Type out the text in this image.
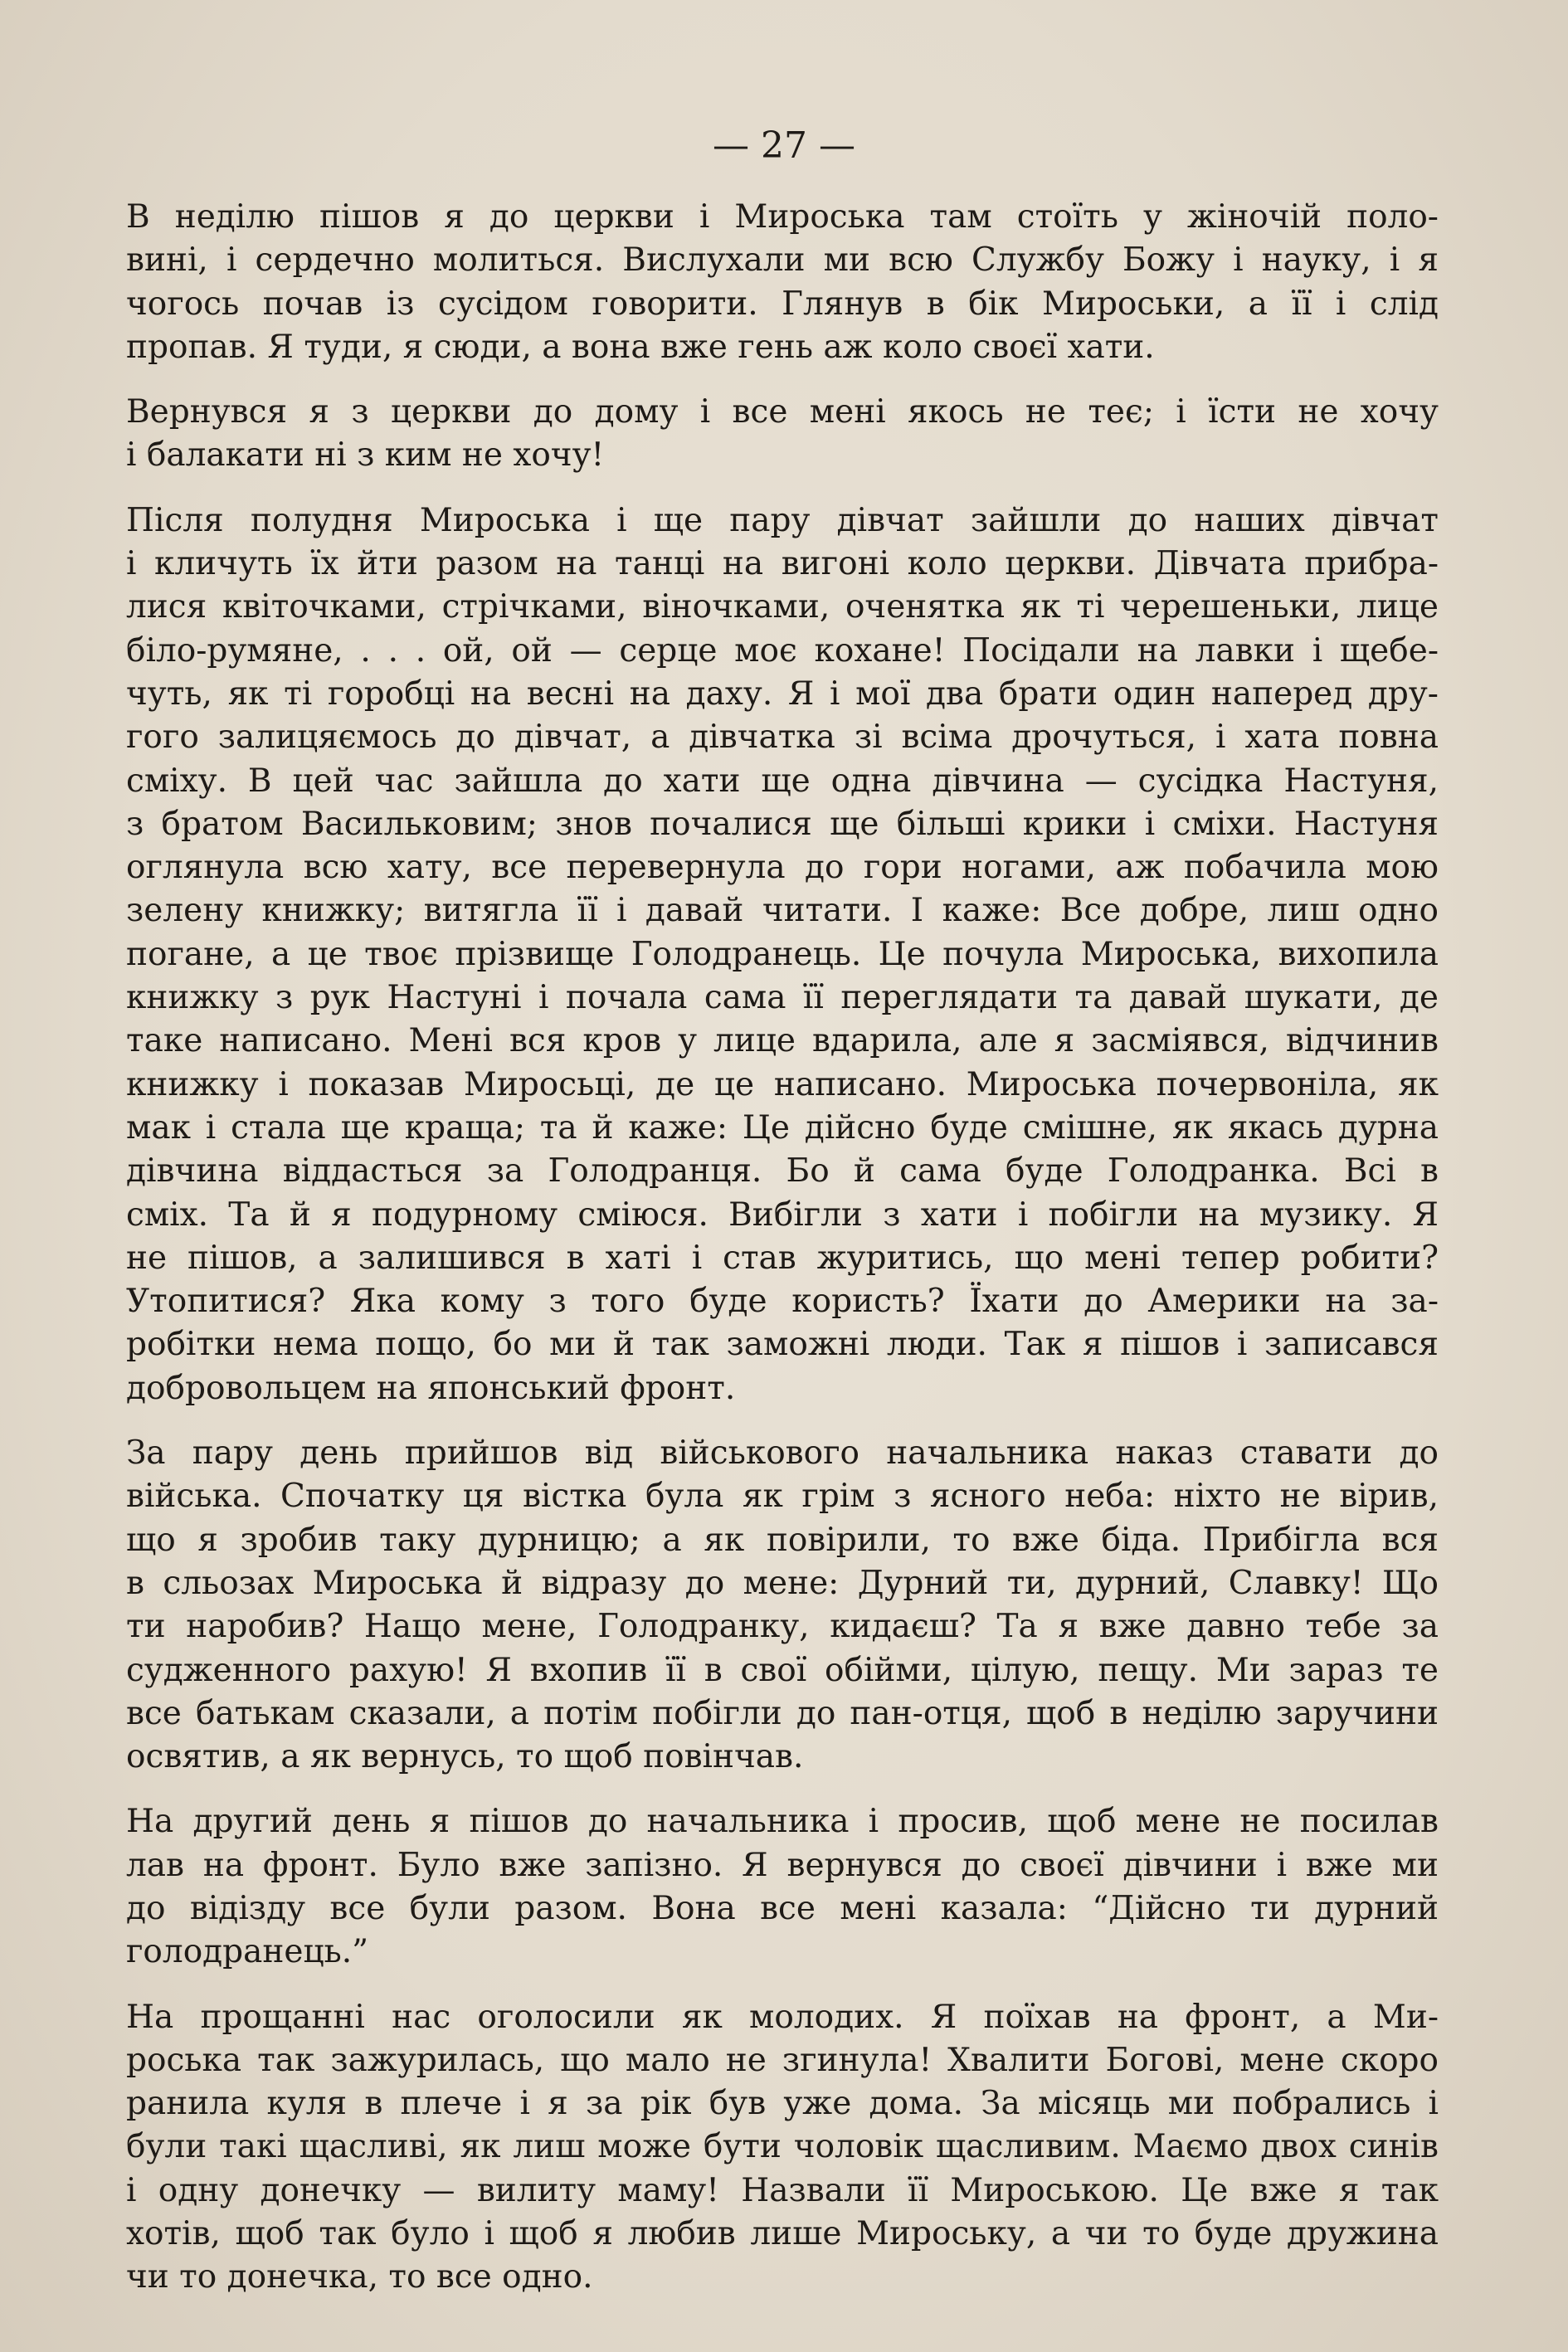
— 27 —

В неділю пішов я до церкви і Мироська там стоїть у жіночій поло-
вині, і сердечно молиться. Вислухали ми всю Службу Божу і науку, і я
чогось почав із сусідом говорити. Глянув в бік Мироськи, а її і слід
пропав. Я туди, я сюди, а вона вже гень аж коло своєї хати.

Вернувся я з церкви до дому і все мені якось не теє; і їсти не хочу
і балакати ні з ким не хочу!

Після полудня Мироська і ще пару дівчат зайшли до наших дівчат
і кличуть їх йти разом на танці на вигоні коло церкви. Дівчата прибра-
лися квіточками, стрічками, віночками, оченятка як ті черешеньки, лице
біло-румяне, . . . ой, ой — серце моє кохане! Посідали на лавки і щебе-
чуть, як ті горобці на весні на даху. Я і мої два брати один наперед дру-
гого залицяємось до дівчат, а дівчатка зі всіма дрочуться, і хата повна
сміху. В цей час зайшла до хати ще одна дівчина — сусідка Настуня,
з братом Васильковим; знов почалися ще більші крики і сміхи. Настуня
оглянула всю хату, все перевернула до гори ногами, аж побачила мою
зелену книжку; витягла її і давай читати. І каже: Все добре, лиш одно
погане, а це твоє прізвище Голодранець. Це почула Мироська, вихопила
книжку з рук Настуні і почала сама її переглядати та давай шукати, де
таке написано. Мені вся кров у лице вдарила, але я засміявся, відчинив
книжку і показав Миросьці, де це написано. Мироська почервоніла, як
мак і стала ще краща; та й каже: Це дійсно буде смішне, як якась дурна
дівчина віддасться за Голодранця. Бо й сама буде Голодранка. Всі в
сміх. Та й я подурному сміюся. Вибігли з хати і побігли на музику. Я
не пішов, а залишився в хаті і став журитись, що мені тепер робити?
Утопитися? Яка кому з того буде користь? Їхати до Америки на за-
робітки нема пощо, бо ми й так заможні люди. Так я пішов і записався
добровольцем на японський фронт.

За пару день прийшов від військового начальника наказ ставати до
війська. Спочатку ця вістка була як грім з ясного неба: ніхто не вірив,
що я зробив таку дурницю; а як повірили, то вже біда. Прибігла вся
в сльозах Мироська й відразу до мене: Дурний ти, дурний, Славку! Що
ти наробив? Нащо мене, Голодранку, кидаєш? Та я вже давно тебе за
судженного рахую! Я вхопив її в свої обійми, цілую, пещу. Ми зараз те
все батькам сказали, а потім побігли до пан-отця, щоб в неділю заручини
освятив, а як вернусь, то щоб повінчав.

На другий день я пішов до начальника і просив, щоб мене не посилав
лав на фронт. Було вже запізно. Я вернувся до своєї дівчини і вже ми
до відізду все були разом. Вона все мені казала: “Дійсно ти дурний
голодранець.”

На прощанні нас оголосили як молодих. Я поїхав на фронт, а Ми-
роська так зажурилась, що мало не згинула! Хвалити Богові, мене скоро
ранила куля в плече і я за рік був уже дома. За місяць ми побрались і
були такі щасливі, як лиш може бути чоловік щасливим. Маємо двох синів
і одну донечку — вилиту маму! Назвали її Мироською. Це вже я так
хотів, щоб так було і щоб я любив лише Мироську, а чи то буде дружина
чи то донечка, то все одно.
